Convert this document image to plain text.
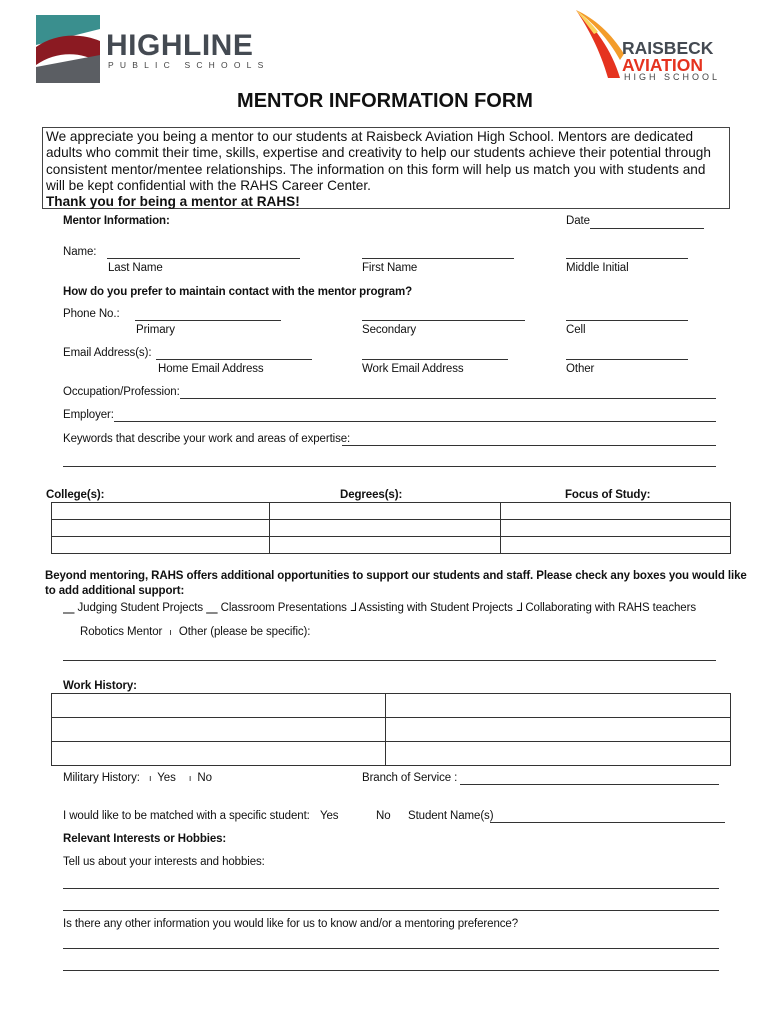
HIGHLINE
PUBLIC SCHOOLS
RAISBECK
AVIATION
HIGH SCHOOL
MENTOR INFORMATION FORM
We appreciate you being a mentor to our students at Raisbeck Aviation High School. Mentors are dedicated adults who commit their time, skills, expertise and creativity to help our students achieve their potential through consistent mentor/mentee relationships. The information on this form will help us match you with students and will be kept confidential with the RAHS Career Center.
Thank you for being a mentor at RAHS!
Mentor Information:	Date
Name:
Last Name	First Name	Middle Initial
How do you prefer to maintain contact with the mentor program?
Phone No.:
Primary	Secondary	Cell
Email Address(s):
Home Email Address	Work Email Address	Other
Occupation/Profession:
Employer:
Keywords that describe your work and areas of expertise:
College(s):	Degrees(s):	Focus of Study:

Beyond mentoring, RAHS offers additional opportunities to support our students and staff. Please check any boxes you would like
to add additional support:
⎽ Judging Student Projects ⎽ Classroom Presentations ⅃ Assisting with Student Projects ⅃ Collaborating with RAHS teachers
Robotics Mentor ı Other (please be specific):
Work History:

Military History: ı Yes ı No	Branch of Service :
I would like to be matched with a specific student: Yes	No Student Name(s)
Relevant Interests or Hobbies:
Tell us about your interests and hobbies:
Is there any other information you would like for us to know and/or a mentoring preference?
